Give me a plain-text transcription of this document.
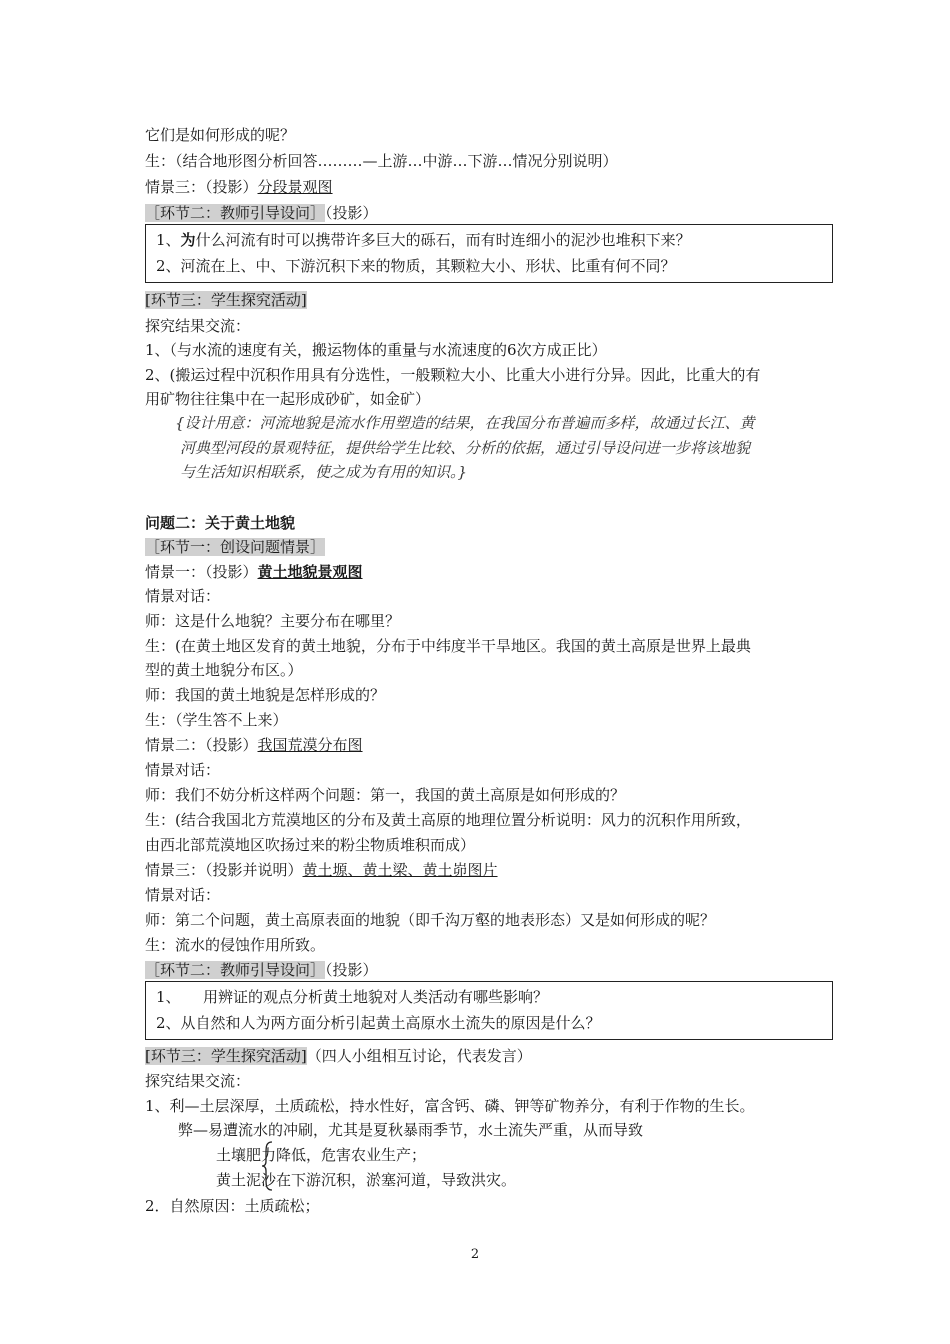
它们是如何形成的呢？
生：（结合地形图分析回答………—上游…中游…下游…情况分别说明）
情景三：（投影）分段景观图
［环节二：教师引导设问］（投影）
1、为什么河流有时可以携带许多巨大的砾石，而有时连细小的泥沙也堆积下来？
2、河流在上、中、下游沉积下来的物质，其颗粒大小、形状、比重有何不同？
[环节三：学生探究活动]
探究结果交流：
1、（与水流的速度有关，搬运物体的重量与水流速度的6次方成正比）
2、(搬运过程中沉积作用具有分选性，一般颗粒大小、比重大小进行分异。因此，比重大的有
用矿物往往集中在一起形成砂矿，如金矿）
{设计用意：河流地貌是流水作用塑造的结果，在我国分布普遍而多样，故通过长江、黄
河典型河段的景观特征，提供给学生比较、分析的依据，通过引导设问进一步将该地貌
与生活知识相联系，使之成为有用的知识。}
问题二：关于黄土地貌
［环节一：创设问题情景］
情景一：（投影）黄土地貌景观图
情景对话：
师：这是什么地貌？主要分布在哪里？
生：(在黄土地区发育的黄土地貌，分布于中纬度半干旱地区。我国的黄土高原是世界上最典
型的黄土地貌分布区。）
师：我国的黄土地貌是怎样形成的？
生：（学生答不上来）
情景二：（投影）我国荒漠分布图
情景对话：
师：我们不妨分析这样两个问题：第一，我国的黄土高原是如何形成的？
生：(结合我国北方荒漠地区的分布及黄土高原的地理位置分析说明：风力的沉积作用所致，
由西北部荒漠地区吹扬过来的粉尘物质堆积而成）
情景三：（投影并说明）黄土塬、黄土梁、黄土峁图片
情景对话：
师：第二个问题，黄土高原表面的地貌（即千沟万壑的地表形态）又是如何形成的呢？
生：流水的侵蚀作用所致。
［环节二：教师引导设问］（投影）
1、　　用辨证的观点分析黄土地貌对人类活动有哪些影响？
2、从自然和人为两方面分析引起黄土高原水土流失的原因是什么？
[环节三：学生探究活动]（四人小组相互讨论，代表发言）
探究结果交流：
1、利—土层深厚，土质疏松，持水性好，富含钙、磷、钾等矿物养分，有利于作物的生长。
弊—易遭流水的冲刷，尤其是夏秋暴雨季节，水土流失严重，从而导致
土壤肥力降低，危害农业生产；
黄土泥沙在下游沉积，淤塞河道，导致洪灾。
2．自然原因：土质疏松；
2
